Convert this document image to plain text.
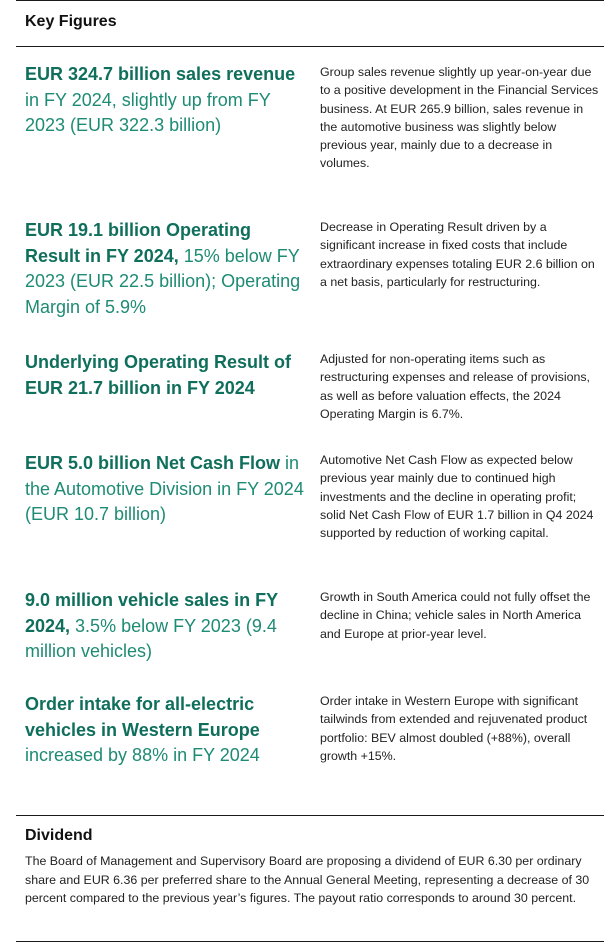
Key Figures
EUR 324.7 billion sales revenue in FY 2024, slightly up from FY 2023 (EUR 322.3 billion)
Group sales revenue slightly up year-on-year due to a positive development in the Financial Services business. At EUR 265.9 billion, sales revenue in the automotive business was slightly below previous year, mainly due to a decrease in volumes.
EUR 19.1 billion Operating Result in FY 2024, 15% below FY 2023 (EUR 22.5 billion); Operating Margin of 5.9%
Decrease in Operating Result driven by a significant increase in fixed costs that include extraordinary expenses totaling EUR 2.6 billion on a net basis, particularly for restructuring.
Underlying Operating Result of EUR 21.7 billion in FY 2024
Adjusted for non-operating items such as restructuring expenses and release of provisions, as well as before valuation effects, the 2024 Operating Margin is 6.7%.
EUR 5.0 billion Net Cash Flow in the Automotive Division in FY 2024 (EUR 10.7 billion)
Automotive Net Cash Flow as expected below previous year mainly due to continued high investments and the decline in operating profit; solid Net Cash Flow of EUR 1.7 billion in Q4 2024 supported by reduction of working capital.
9.0 million vehicle sales in FY 2024, 3.5% below FY 2023 (9.4 million vehicles)
Growth in South America could not fully offset the decline in China; vehicle sales in North America and Europe at prior-year level.
Order intake for all-electric vehicles in Western Europe increased by 88% in FY 2024
Order intake in Western Europe with significant tailwinds from extended and rejuvenated product portfolio: BEV almost doubled (+88%), overall growth +15%.
Dividend
The Board of Management and Supervisory Board are proposing a dividend of EUR 6.30 per ordinary share and EUR 6.36 per preferred share to the Annual General Meeting, representing a decrease of 30 percent compared to the previous year’s figures. The payout ratio corresponds to around 30 percent.
